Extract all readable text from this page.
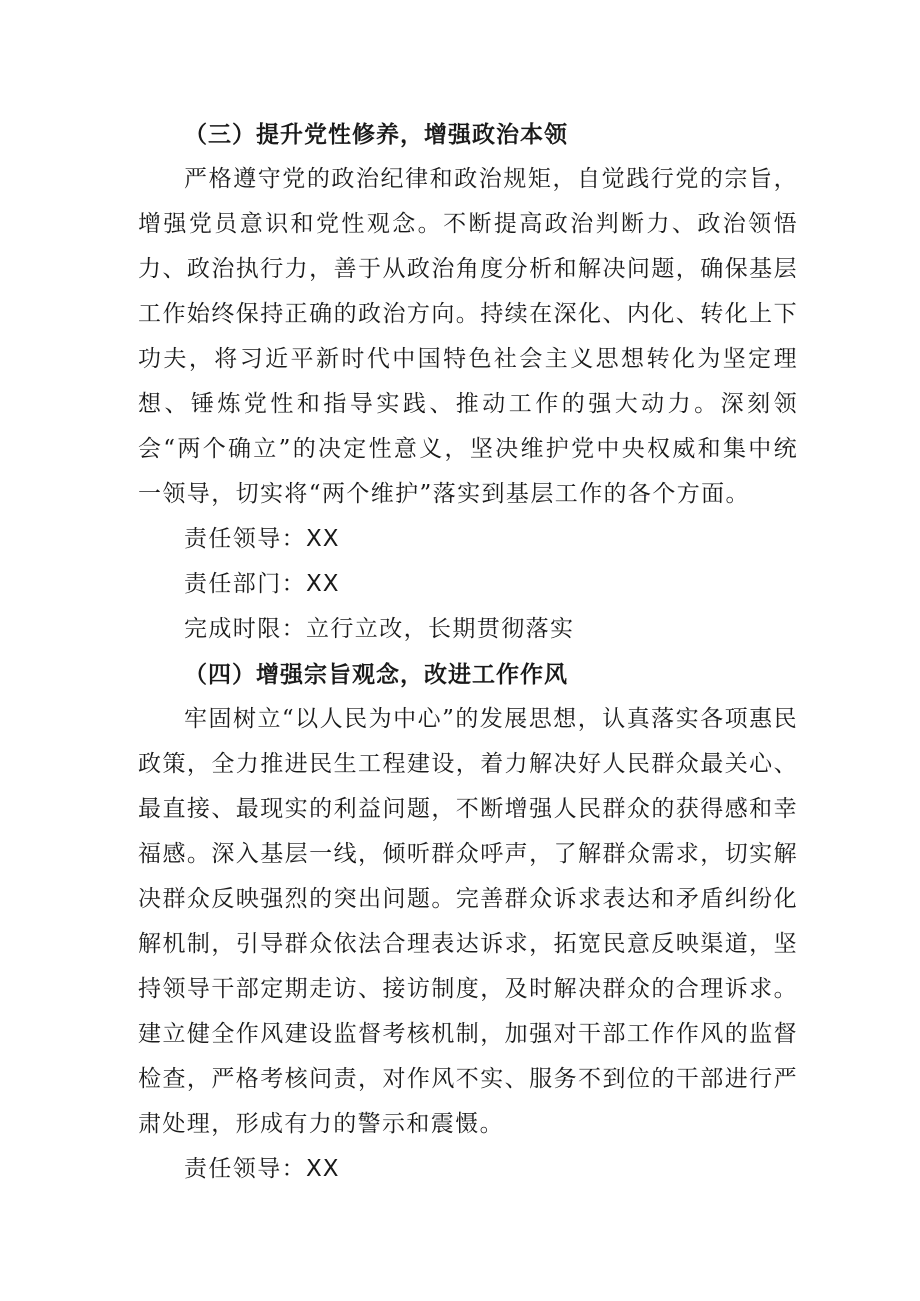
（三）提升党性修养，增强政治本领

严格遵守党的政治纪律和政治规矩，自觉践行党的宗旨，增强党员意识和党性观念。不断提高政治判断力、政治领悟力、政治执行力，善于从政治角度分析和解决问题，确保基层工作始终保持正确的政治方向。持续在深化、内化、转化上下功夫，将习近平新时代中国特色社会主义思想转化为坚定理想、锤炼党性和指导实践、推动工作的强大动力。深刻领会“两个确立”的决定性意义，坚决维护党中央权威和集中统一领导，切实将“两个维护”落实到基层工作的各个方面。

责任领导：XX

责任部门：XX

完成时限：立行立改，长期贯彻落实

（四）增强宗旨观念，改进工作作风

牢固树立“以人民为中心”的发展思想，认真落实各项惠民政策，全力推进民生工程建设，着力解决好人民群众最关心、最直接、最现实的利益问题，不断增强人民群众的获得感和幸福感。深入基层一线，倾听群众呼声，了解群众需求，切实解决群众反映强烈的突出问题。完善群众诉求表达和矛盾纠纷化解机制，引导群众依法合理表达诉求，拓宽民意反映渠道，坚持领导干部定期走访、接访制度，及时解决群众的合理诉求。建立健全作风建设监督考核机制，加强对干部工作作风的监督检查，严格考核问责，对作风不实、服务不到位的干部进行严肃处理，形成有力的警示和震慑。

责任领导：XX
